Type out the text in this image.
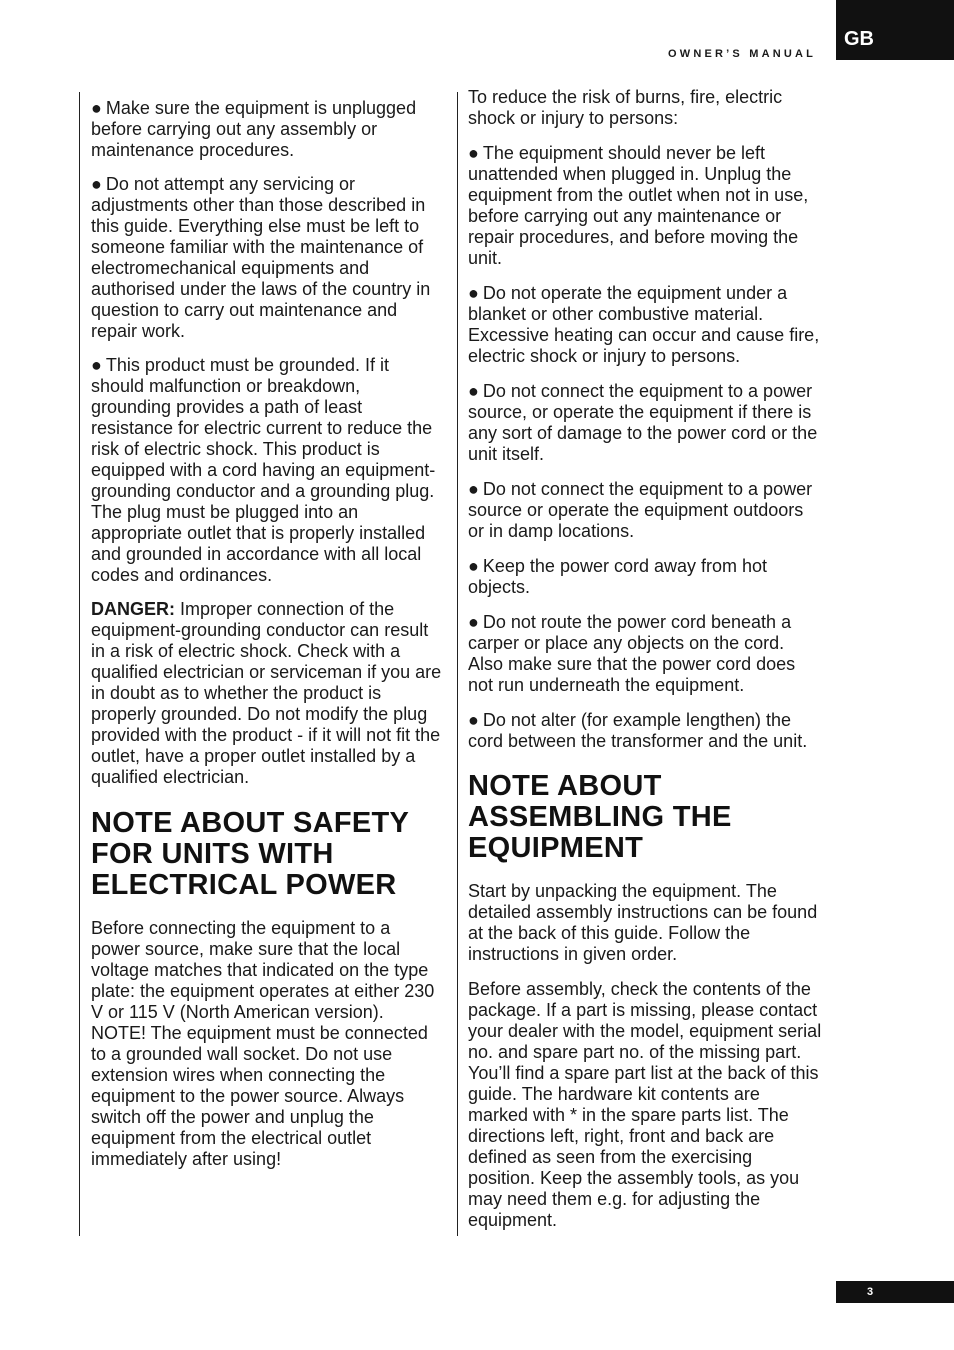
GB
OWNER’S MANUAL

● Make sure the equipment is unplugged before carrying out any assembly or maintenance procedures.

● Do not attempt any servicing or adjustments other than those described in this guide. Everything else must be left to someone familiar with the maintenance of electromechanical equipments and authorised under the laws of the country in question to carry out maintenance and repair work.

● This product must be grounded. If it should malfunction or breakdown, grounding provides a path of least resistance for electric current to reduce the risk of electric shock. This product is equipped with a cord having an equipment-grounding conductor and a grounding plug. The plug must be plugged into an appropriate outlet that is properly installed and grounded in accordance with all local codes and ordinances.

DANGER: Improper connection of the equipment-grounding conductor can result in a risk of electric shock. Check with a qualified electrician or serviceman if you are in doubt as to whether the product is properly grounded. Do not modify the plug provided with the product - if it will not fit the outlet, have a proper outlet installed by a qualified electrician.

NOTE ABOUT SAFETY
FOR UNITS WITH
ELECTRICAL POWER

Before connecting the equipment to a power source, make sure that the local voltage matches that indicated on the type plate: the equipment operates at either 230 V or 115 V (North American version). NOTE! The equipment must be connected to a grounded wall socket. Do not use extension wires when connecting the equipment to the power source. Always switch off the power and unplug the equipment from the electrical outlet immediately after using!

To reduce the risk of burns, fire, electric shock or injury to persons:

● The equipment should never be left unattended when plugged in. Unplug the equipment from the outlet when not in use, before carrying out any maintenance or repair procedures, and before moving the unit.

● Do not operate the equipment under a blanket or other combustive material. Excessive heating can occur and cause fire, electric shock or injury to persons.

● Do not connect the equipment to a power source, or operate the equipment if there is any sort of damage to the power cord or the unit itself.

● Do not connect the equipment to a power source or operate the equipment outdoors or in damp locations.

● Keep the power cord away from hot objects.

● Do not route the power cord beneath a carper or place any objects on the cord. Also make sure that the power cord does not run underneath the equipment.

● Do not alter (for example lengthen) the cord between the transformer and the unit.

NOTE ABOUT
ASSEMBLING THE
EQUIPMENT

Start by unpacking the equipment. The detailed assembly instructions can be found at the back of this guide. Follow the instructions in given order.

Before assembly, check the contents of the package. If a part is missing, please contact your dealer with the model, equipment serial no. and spare part no. of the missing part. You’ll find a spare part list at the back of this guide. The hardware kit contents are marked with * in the spare parts list. The directions left, right, front and back are defined as seen from the exercising position. Keep the assembly tools, as you may need them e.g. for adjusting the equipment.

3
